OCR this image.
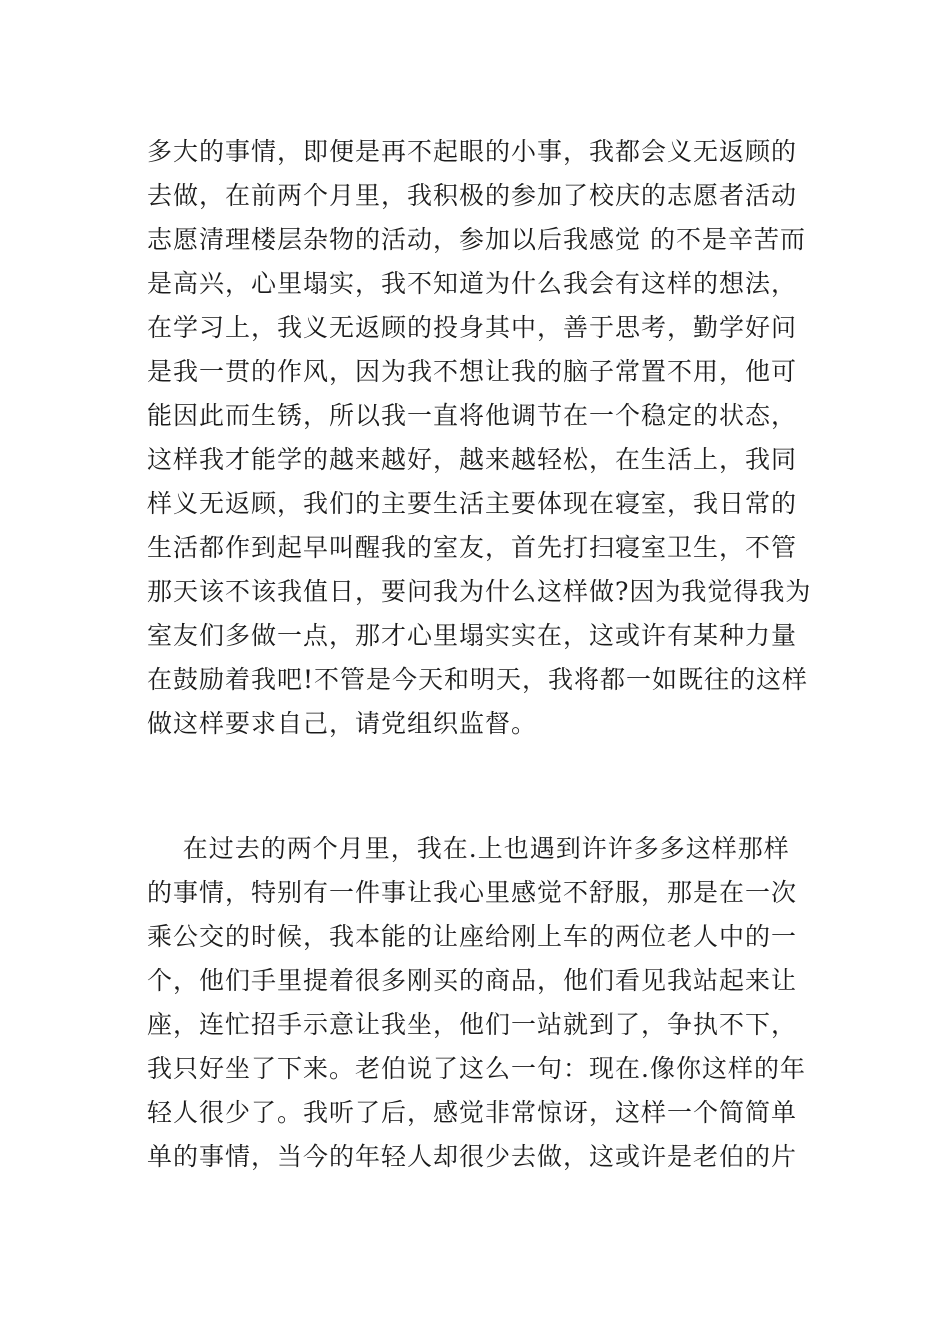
多大的事情，即便是再不起眼的小事，我都会义无返顾的
去做，在前两个月里，我积极的参加了校庆的志愿者活动
志愿清理楼层杂物的活动，参加以后我感觉 的不是辛苦而
是高兴，心里塌实，我不知道为什么我会有这样的想法，
在学习上，我义无返顾的投身其中，善于思考，勤学好问
是我一贯的作风，因为我不想让我的脑子常置不用，他可
能因此而生锈，所以我一直将他调节在一个稳定的状态，
这样我才能学的越来越好，越来越轻松，在生活上，我同
样义无返顾，我们的主要生活主要体现在寝室，我日常的
生活都作到起早叫醒我的室友，首先打扫寝室卫生，不管
那天该不该我值日，要问我为什么这样做?因为我觉得我为
室友们多做一点，那才心里塌实实在，这或许有某种力量
在鼓励着我吧!不管是今天和明天，我将都一如既往的这样
做这样要求自己，请党组织监督。
在过去的两个月里，我在.上也遇到许许多多这样那样
的事情，特别有一件事让我心里感觉不舒服，那是在一次
乘公交的时候，我本能的让座给刚上车的两位老人中的一
个，他们手里提着很多刚买的商品，他们看见我站起来让
座，连忙招手示意让我坐，他们一站就到了，争执不下，
我只好坐了下来。老伯说了这么一句：现在.像你这样的年
轻人很少了。我听了后，感觉非常惊讶，这样一个简简单
单的事情，当今的年轻人却很少去做，这或许是老伯的片
